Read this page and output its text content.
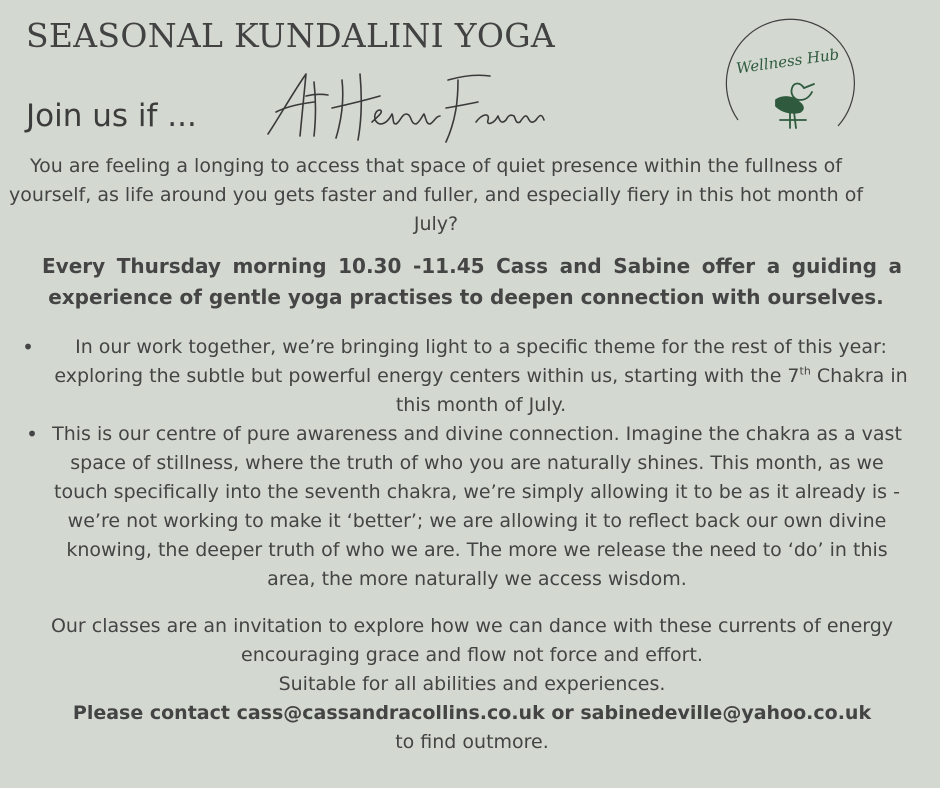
SEASONAL KUNDALINI YOGA
Join us if ...
Wellness Hub
You are feeling a longing to access that space of quiet presence within the fullness of yourself, as life around you gets faster and fuller, and especially fiery in this hot month of July?
Every Thursday morning 10.30 -11.45 Cass and Sabine offer a guiding a experience of gentle yoga practises to deepen connection with ourselves.
• In our work together, we’re bringing light to a specific theme for the rest of this year: exploring the subtle but powerful energy centers within us, starting with the 7th Chakra in this month of July.
• This is our centre of pure awareness and divine connection. Imagine the chakra as a vast space of stillness, where the truth of who you are naturally shines. This month, as we touch specifically into the seventh chakra, we’re simply allowing it to be as it already is - we’re not working to make it ‘better’; we are allowing it to reflect back our own divine knowing, the deeper truth of who we are. The more we release the need to ‘do’ in this area, the more naturally we access wisdom.
Our classes are an invitation to explore how we can dance with these currents of energy encouraging grace and flow not force and effort.
Suitable for all abilities and experiences.
Please contact cass@cassandracollins.co.uk or sabinedeville@yahoo.co.uk
to find outmore.
